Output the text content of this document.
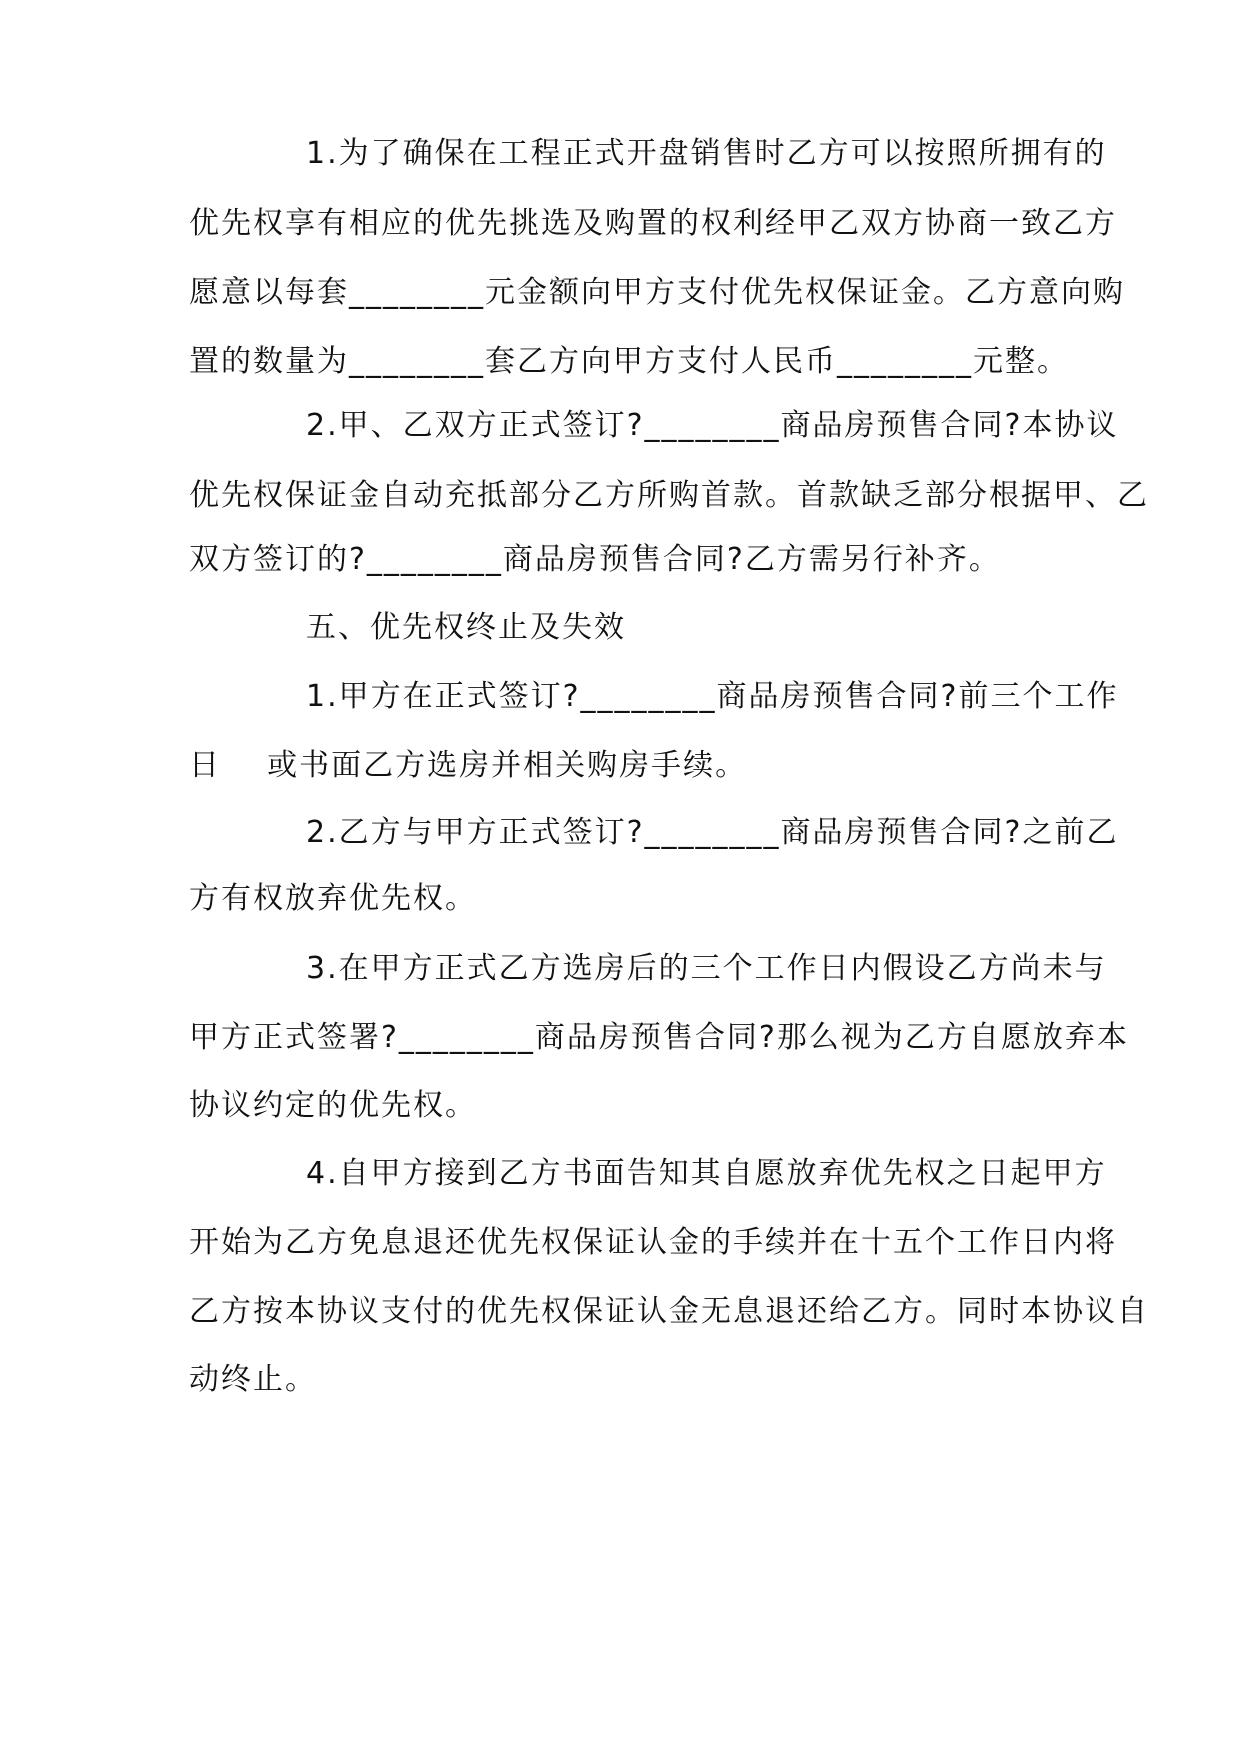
1.为了确保在工程正式开盘销售时乙方可以按照所拥有的
优先权享有相应的优先挑选及购置的权利经甲乙双方协商一致乙方
愿意以每套________元金额向甲方支付优先权保证金。乙方意向购
置的数量为________套乙方向甲方支付人民币________元整。
2.甲、乙双方正式签订?________商品房预售合同?本协议
优先权保证金自动充抵部分乙方所购首款。首款缺乏部分根据甲、乙
双方签订的?________商品房预售合同?乙方需另行补齐。
五、优先权终止及失效
1.甲方在正式签订?________商品房预售合同?前三个工作
日    或书面乙方选房并相关购房手续。
2.乙方与甲方正式签订?________商品房预售合同?之前乙
方有权放弃优先权。
3.在甲方正式乙方选房后的三个工作日内假设乙方尚未与
甲方正式签署?________商品房预售合同?那么视为乙方自愿放弃本
协议约定的优先权。
4.自甲方接到乙方书面告知其自愿放弃优先权之日起甲方
开始为乙方免息退还优先权保证认金的手续并在十五个工作日内将
乙方按本协议支付的优先权保证认金无息退还给乙方。同时本协议自
动终止。
